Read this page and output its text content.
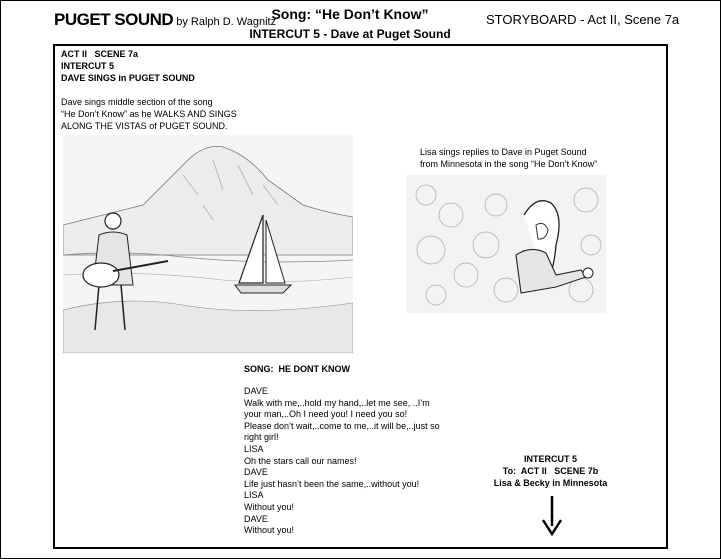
PUGET SOUND by Ralph D. Wagnitz
Song: “He Don’t Know”
INTERCUT 5 - Dave at Puget Sound
STORYBOARD - Act II, Scene 7a
ACT II   SCENE 7a
INTERCUT 5
DAVE SINGS in PUGET SOUND
Dave sings middle section of the song
“He Don’t Know” as he WALKS AND SINGS
ALONG THE VISTAS of PUGET SOUND.
Lisa sings replies to Dave in Puget Sound
from Minnesota in the song “He Don’t Know”
SONG:  HE DONT KNOW
DAVE
Walk with me,..hold my hand,..let me see, ..I’m
your man,..Oh I need you! I need you so!
Please don’t wait,..come to me,..it will be,..just so
right girl!
LISA
Oh the stars call our names!
DAVE
Life just hasn’t been the same,..without you!
LISA
Without you!
DAVE
Without you!
INTERCUT 5
To:  ACT II   SCENE 7b
Lisa & Becky in Minnesota
